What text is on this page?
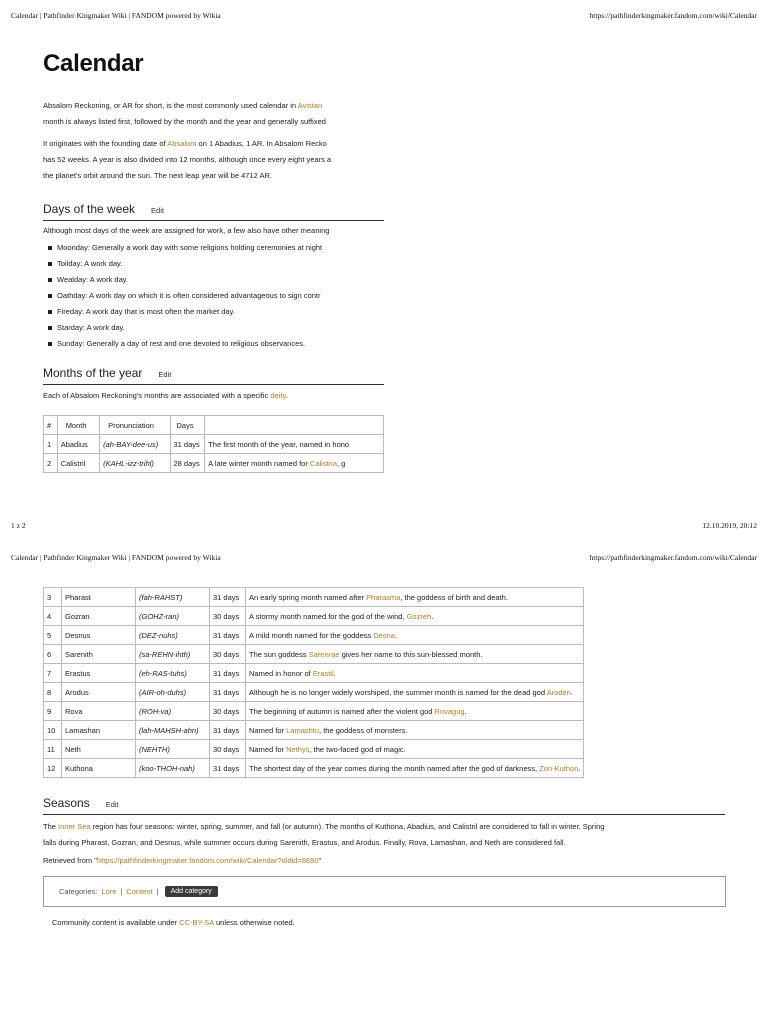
Calendar | Pathfinder Kingmaker Wiki | FANDOM powered by Wikia	https://pathfinderkingmaker.fandom.com/wiki/Calendar
Calendar

Absalom Reckoning, or AR for short, is the most commonly used calendar in Avistan

month is always listed first, followed by the month and the year and generally suffixed

It originates with the founding date of Absalom on 1 Abadius, 1 AR. In Absalom Recko

has 52 weeks. A year is also divided into 12 months, although once every eight years a

the planet's orbit around the sun. The next leap year will be 4712 AR.

Days of the week Edit

Although most days of the week are assigned for work, a few also have other meaning

Moonday: Generally a work day with some religions holding ceremonies at night
Toilday: A work day.
Wealday: A work day.
Oathday: A work day on which it is often considered advantageous to sign contr
Fireday: A work day that is most often the market day.
Starday: A work day.
Sunday: Generally a day of rest and one devoted to religious observances.
Months of the year Edit

Each of Absalom Reckoning's months are associated with a specific deity.

#	Month	Pronunciation	Days	
1	Abadius	(ah-BAY-dee-us)	31 days	The first month of the year, named in hono
2	Calistril	(KAHL-izz-trihl)	28 days	A late winter month named for Calistria, g
1 z 2	12.10.2019, 20:12
Calendar | Pathfinder Kingmaker Wiki | FANDOM powered by Wikia	https://pathfinderkingmaker.fandom.com/wiki/Calendar
3	Pharast	(fah-RAHST)	31 days	An early spring month named after Pharasma, the goddess of birth and death.
4	Gozran	(GOHZ-ran)	30 days	A stormy month named for the god of the wind, Gozreh.
5	Desnus	(DEZ-nuhs)	31 days	A mild month named for the goddess Desna.
6	Sarenith	(sa-REHN-ihth)	30 days	The sun goddess Sarenrae gives her name to this sun-blessed month.
7	Erastus	(eh-RAS-tuhs)	31 days	Named in honor of Erastil.
8	Arodus	(AIR-oh-duhs)	31 days	Although he is no longer widely worshiped, the summer month is named for the dead god Aroden.
9	Rova	(ROH-va)	30 days	The beginning of autumn is named after the violent god Rovagug.
10	Lamashan	(lah-MAHSH-ahn)	31 days	Named for Lamashtu, the goddess of monsters.
11	Neth	(NEHTH)	30 days	Named for Nethys, the two-faced god of magic.
12	Kuthona	(koo-THOH-nah)	31 days	The shortest day of the year comes during the month named after the god of darkness, Zon-Kuthon.
Seasons Edit

The Inner Sea region has four seasons: winter, spring, summer, and fall (or autumn). The months of Kuthona, Abadius, and Calistril are considered to fall in winter. Spring

falls during Pharast, Gozran, and Desnus, while summer occurs during Sarenith, Erastus, and Arodus. Finally, Rova, Lamashan, and Neth are considered fall.

Retrieved from "https://pathfinderkingmaker.fandom.com/wiki/Calendar?oldid=8690"

Categories: Lore | Content |	Add category

Community content is available under CC-BY-SA unless otherwise noted.
